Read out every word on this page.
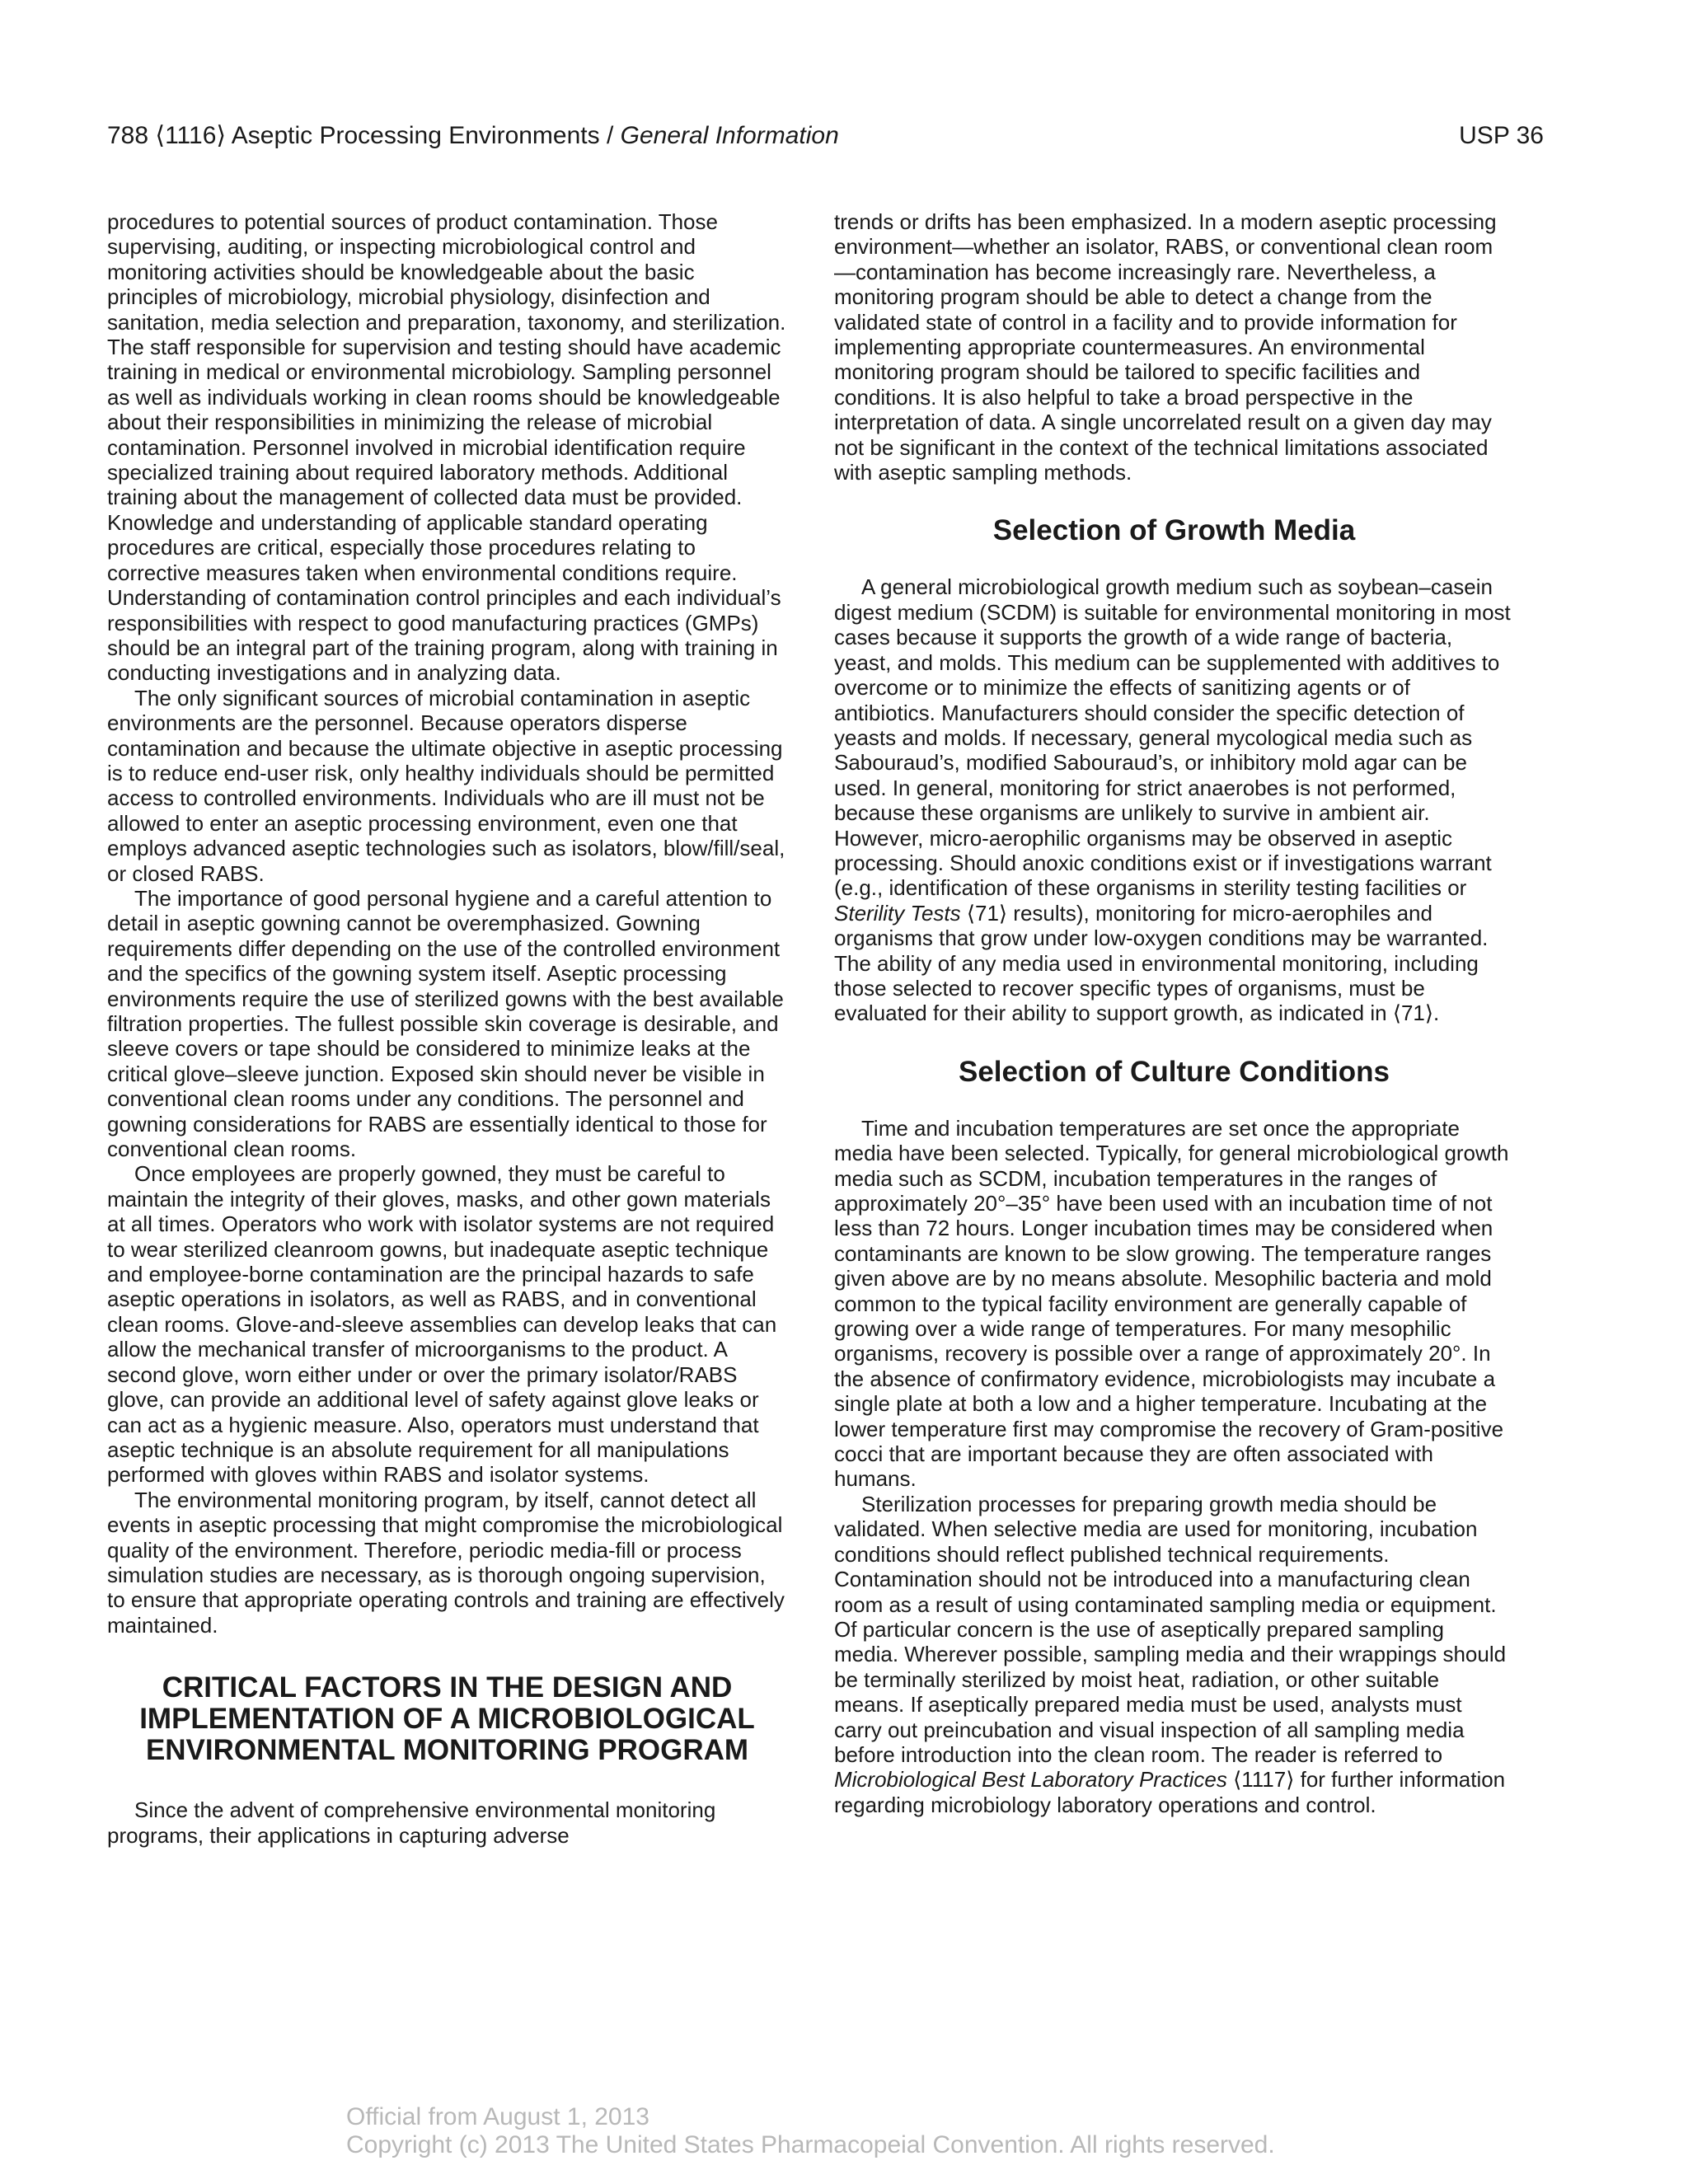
788 ⟨1116⟩ Aseptic Processing Environments / General Information	USP 36

procedures to potential sources of product contamination. Those supervising, auditing, or inspecting microbiological control and monitoring activities should be knowledgeable about the basic principles of microbiology, microbial physiology, disinfection and sanitation, media selection and preparation, taxonomy, and sterilization. The staff responsible for supervision and testing should have academic training in medical or environmental microbiology. Sampling personnel as well as individuals working in clean rooms should be knowledgeable about their responsibilities in minimizing the release of microbial contamination. Personnel involved in microbial identification require specialized training about required laboratory methods. Additional training about the management of collected data must be provided. Knowledge and understanding of applicable standard operating procedures are critical, especially those procedures relating to corrective measures taken when environmental conditions require. Understanding of contamination control principles and each individual’s responsibilities with respect to good manufacturing practices (GMPs) should be an integral part of the training program, along with training in conducting investigations and in analyzing data.

The only significant sources of microbial contamination in aseptic environments are the personnel. Because operators disperse contamination and because the ultimate objective in aseptic processing is to reduce end-user risk, only healthy individuals should be permitted access to controlled environments. Individuals who are ill must not be allowed to enter an aseptic processing environment, even one that employs advanced aseptic technologies such as isolators, blow/fill/seal, or closed RABS.

The importance of good personal hygiene and a careful attention to detail in aseptic gowning cannot be overemphasized. Gowning requirements differ depending on the use of the controlled environment and the specifics of the gowning system itself. Aseptic processing environments require the use of sterilized gowns with the best available filtration properties. The fullest possible skin coverage is desirable, and sleeve covers or tape should be considered to minimize leaks at the critical glove–sleeve junction. Exposed skin should never be visible in conventional clean rooms under any conditions. The personnel and gowning considerations for RABS are essentially identical to those for conventional clean rooms.

Once employees are properly gowned, they must be careful to maintain the integrity of their gloves, masks, and other gown materials at all times. Operators who work with isolator systems are not required to wear sterilized cleanroom gowns, but inadequate aseptic technique and employee-borne contamination are the principal hazards to safe aseptic operations in isolators, as well as RABS, and in conventional clean rooms. Glove-and-sleeve assemblies can develop leaks that can allow the mechanical transfer of microorganisms to the product. A second glove, worn either under or over the primary isolator/RABS glove, can provide an additional level of safety against glove leaks or can act as a hygienic measure. Also, operators must understand that aseptic technique is an absolute requirement for all manipulations performed with gloves within RABS and isolator systems.

The environmental monitoring program, by itself, cannot detect all events in aseptic processing that might compromise the microbiological quality of the environment. Therefore, periodic media-fill or process simulation studies are necessary, as is thorough ongoing supervision, to ensure that appropriate operating controls and training are effectively maintained.

CRITICAL FACTORS IN THE DESIGN AND IMPLEMENTATION OF A MICROBIOLOGICAL ENVIRONMENTAL MONITORING PROGRAM

Since the advent of comprehensive environmental monitoring programs, their applications in capturing adverse

trends or drifts has been emphasized. In a modern aseptic processing environment—whether an isolator, RABS, or conventional clean room—contamination has become increasingly rare. Nevertheless, a monitoring program should be able to detect a change from the validated state of control in a facility and to provide information for implementing appropriate countermeasures. An environmental monitoring program should be tailored to specific facilities and conditions. It is also helpful to take a broad perspective in the interpretation of data. A single uncorrelated result on a given day may not be significant in the context of the technical limitations associated with aseptic sampling methods.

Selection of Growth Media

A general microbiological growth medium such as soybean–casein digest medium (SCDM) is suitable for environmental monitoring in most cases because it supports the growth of a wide range of bacteria, yeast, and molds. This medium can be supplemented with additives to overcome or to minimize the effects of sanitizing agents or of antibiotics. Manufacturers should consider the specific detection of yeasts and molds. If necessary, general mycological media such as Sabouraud’s, modified Sabouraud’s, or inhibitory mold agar can be used. In general, monitoring for strict anaerobes is not performed, because these organisms are unlikely to survive in ambient air. However, micro-aerophilic organisms may be observed in aseptic processing. Should anoxic conditions exist or if investigations warrant (e.g., identification of these organisms in sterility testing facilities or Sterility Tests ⟨71⟩ results), monitoring for micro-aerophiles and organisms that grow under low-oxygen conditions may be warranted. The ability of any media used in environmental monitoring, including those selected to recover specific types of organisms, must be evaluated for their ability to support growth, as indicated in ⟨71⟩.

Selection of Culture Conditions

Time and incubation temperatures are set once the appropriate media have been selected. Typically, for general microbiological growth media such as SCDM, incubation temperatures in the ranges of approximately 20°–35° have been used with an incubation time of not less than 72 hours. Longer incubation times may be considered when contaminants are known to be slow growing. The temperature ranges given above are by no means absolute. Mesophilic bacteria and mold common to the typical facility environment are generally capable of growing over a wide range of temperatures. For many mesophilic organisms, recovery is possible over a range of approximately 20°. In the absence of confirmatory evidence, microbiologists may incubate a single plate at both a low and a higher temperature. Incubating at the lower temperature first may compromise the recovery of Gram-positive cocci that are important because they are often associated with humans.

Sterilization processes for preparing growth media should be validated. When selective media are used for monitoring, incubation conditions should reflect published technical requirements. Contamination should not be introduced into a manufacturing clean room as a result of using contaminated sampling media or equipment. Of particular concern is the use of aseptically prepared sampling media. Wherever possible, sampling media and their wrappings should be terminally sterilized by moist heat, radiation, or other suitable means. If aseptically prepared media must be used, analysts must carry out preincubation and visual inspection of all sampling media before introduction into the clean room. The reader is referred to Microbiological Best Laboratory Practices ⟨1117⟩ for further information regarding microbiology laboratory operations and control.

Official from August 1, 2013
Copyright (c) 2013 The United States Pharmacopeial Convention. All rights reserved.
